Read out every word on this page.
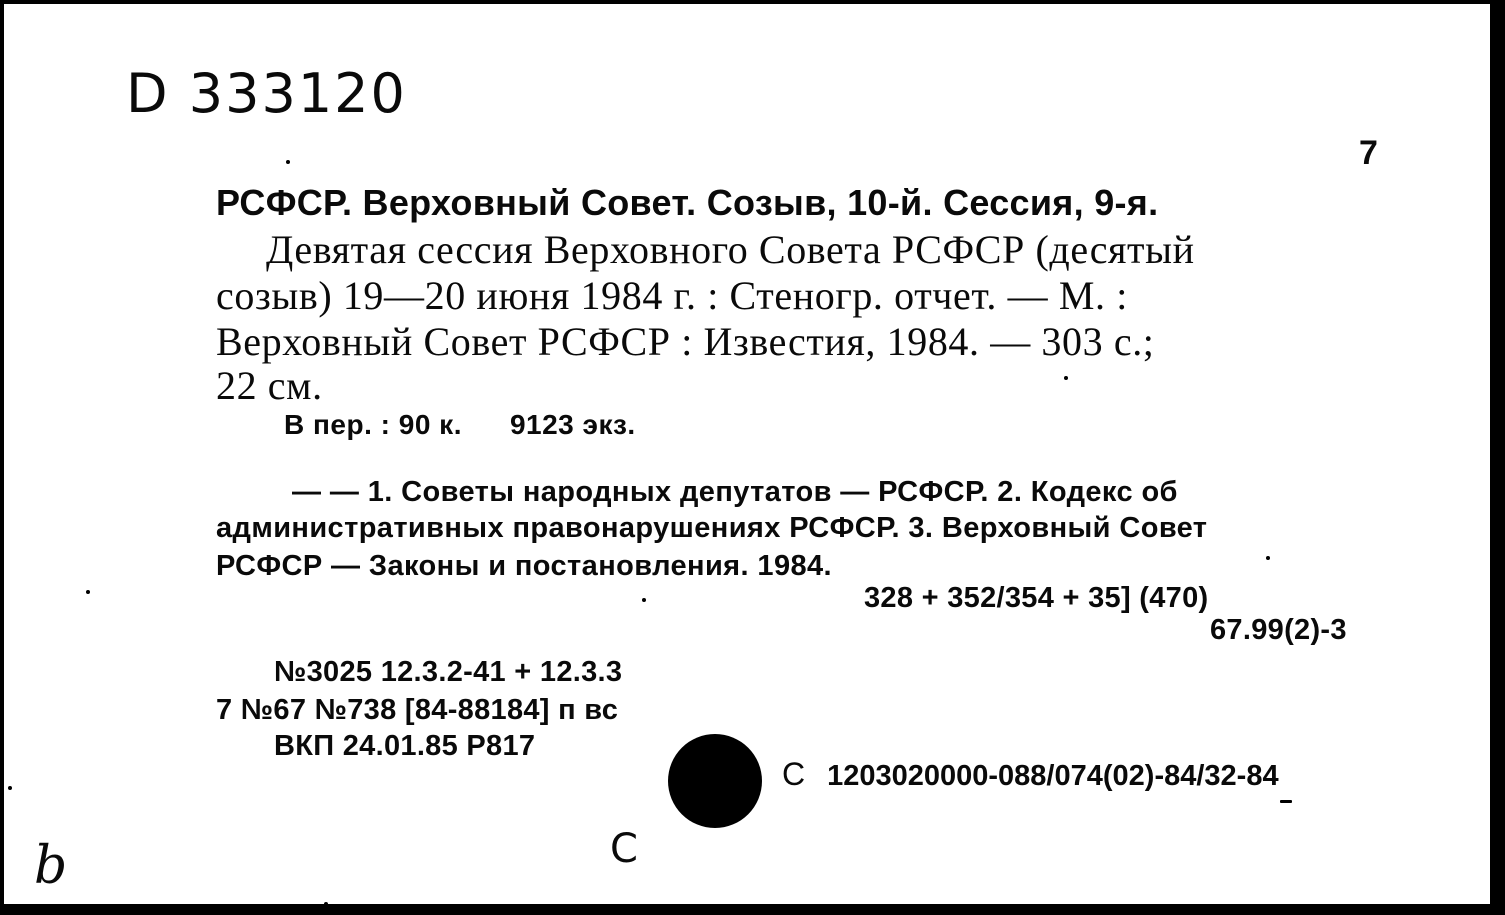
D 333120
7
РСФСР. Верховный Совет. Созыв, 10-й. Сессия, 9-я.
Девятая сессия Верховного Совета РСФСР (десятый
созыв) 19—20 июня 1984 г. : Стеногр. отчет. — М. :
Верховный Совет РСФСР : Известия, 1984. — 303 с.;
22 см.
В пер. : 90 к. 9123 экз.
— — 1. Советы народных депутатов — РСФСР. 2. Кодекс об
административных правонарушениях РСФСР. 3. Верховный Совет
РСФСР — Законы и постановления. 1984.
328 + 352/354 + 35] (470)
67.99(2)-3
№3025 12.3.2-41 + 12.3.3
7 №67 №738 [84-88184] п вс
ВКП 24.01.85 Р817
С 1203020000-088/074(02)-84/32-84
С
b
